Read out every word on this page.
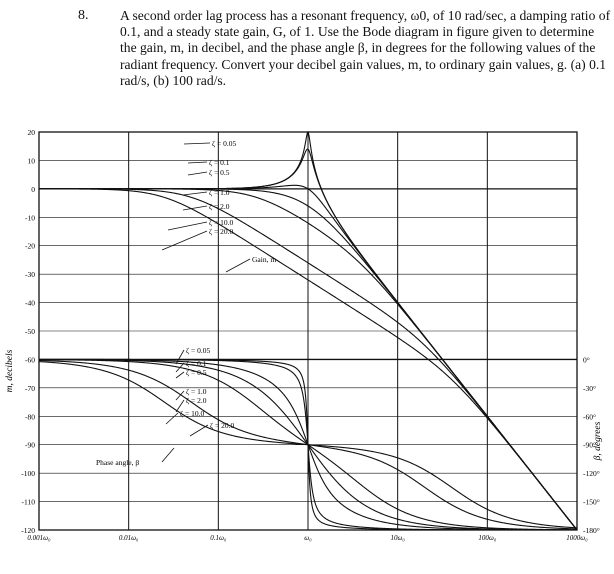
8. A second order lag process has a resonant frequency, ω0, of 10 rad/sec, a damping ratio of 0.1, and a steady state gain, G, of 1. Use the Bode diagram in figure given to determine the gain, m, in decibel, and the phase angle β, in degrees for the following values of the radiant frequency. Convert your decibel gain values, m, to ordinary gain values, g. (a) 0.1 rad/s, (b) 100 rad/s.
20
10
0
-10
-20
-30
-40
-50
-60
-70
-80
-90
-100
-110
-120
0.001ω₀	0.01ω₀	0.1ω₀	ω₀	10ω₀	100ω₀	1000ω₀
0°
-30°
-60°
-90°
-120°
-150°
-180°
ζ = 0.05
ζ = 0.1
ζ = 0.5
ζ = 1.0
ζ = 2.0
ζ = 10.0
ζ = 20.0
Gain, m
ζ = 0.05
ζ = 0.1
ζ = 0.5
ζ = 1.0
ζ = 2.0
ζ = 10.0
ζ = 20.0
Phase angle, β
m, decibels
β, degrees
